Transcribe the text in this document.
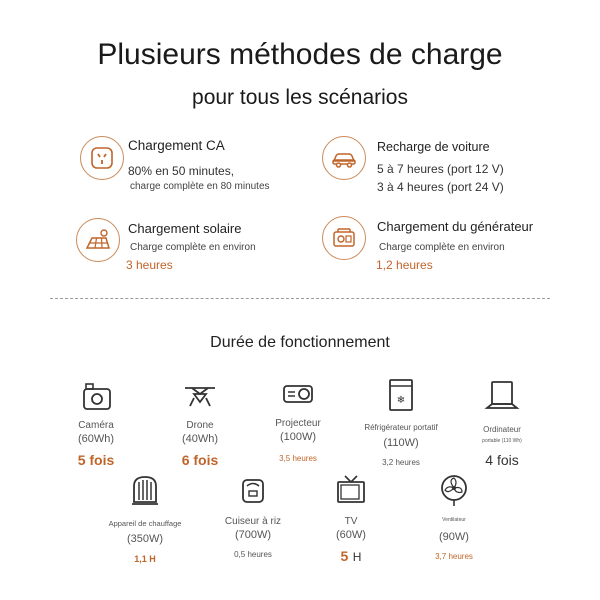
Plusieurs méthodes de charge
pour tous les scénarios
Chargement CA
80% en 50 minutes,
charge complète en 80 minutes
Recharge de voiture
5 à 7 heures (port 12 V)
3 à 4 heures (port 24 V)
Chargement solaire
Charge complète en environ
3 heures
Chargement du générateur
Charge complète en environ
1,2 heures
Durée de fonctionnement
Caméra
(60Wh)
5 fois
Drone
(40Wh)
6 fois
Projecteur
(100W)
3,5 heures
❄
Réfrigérateur portatif
(110W)
3,2 heures
Ordinateur
portable (110 Wh)
4 fois
Appareil de chauffage
(350W)
1,1 H
Cuiseur à riz
(700W)
0,5 heures
TV
(60W)
5 H
Ventilateur
(90W)
3,7 heures
